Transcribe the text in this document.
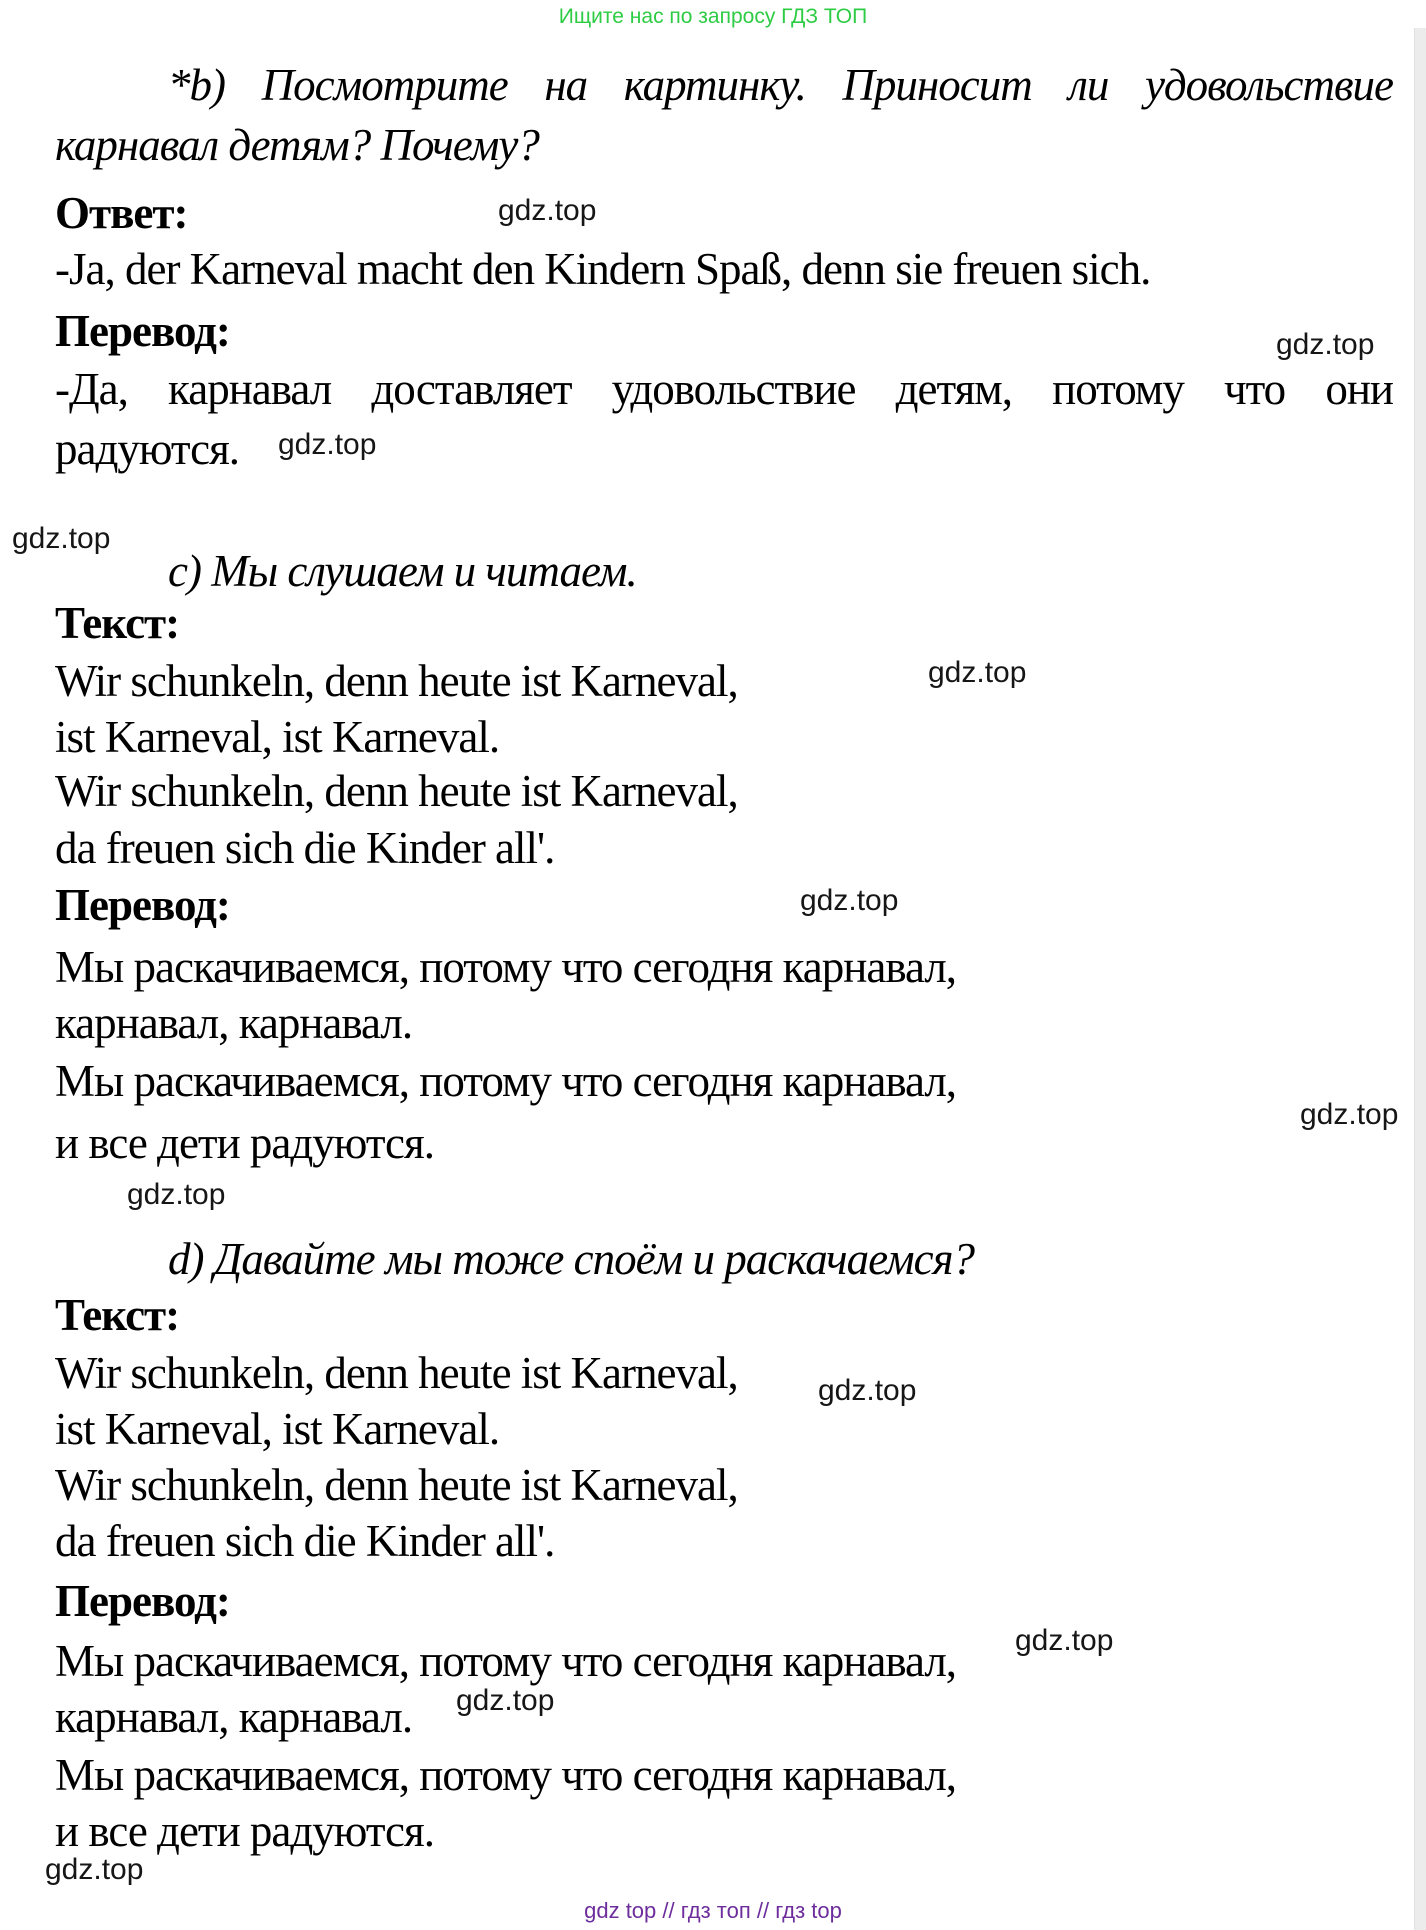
Ищите нас по запросу ГДЗ ТОП
*b) Посмотрите на картинку. Приносит ли удовольствие
карнавал детям? Почему?
Ответ:
-Ja, der Karneval macht den Kindern Spaß, denn sie freuen sich.
Перевод:
-Да, карнавал доставляет удовольствие детям, потому что они
радуются.
c) Мы слушаем и читаем.
Текст:
Wir schunkeln, denn heute ist Karneval,
ist Karneval, ist Karneval.
Wir schunkeln, denn heute ist Karneval,
da freuen sich die Kinder all'.
Перевод:
Мы раскачиваемся, потому что сегодня карнавал,
карнавал, карнавал.
Мы раскачиваемся, потому что сегодня карнавал,
и все дети радуются.
d) Давайте мы тоже споём и раскачаемся?
Текст:
Wir schunkeln, denn heute ist Karneval,
ist Karneval, ist Karneval.
Wir schunkeln, denn heute ist Karneval,
da freuen sich die Kinder all'.
Перевод:
Мы раскачиваемся, потому что сегодня карнавал,
карнавал, карнавал.
Мы раскачиваемся, потому что сегодня карнавал,
и все дети радуются.
gdz.top
gdz.top
gdz.top
gdz.top
gdz.top
gdz.top
gdz.top
gdz.top
gdz.top
gdz.top
gdz.top
gdz.top
gdz top // гдз топ // гдз top
